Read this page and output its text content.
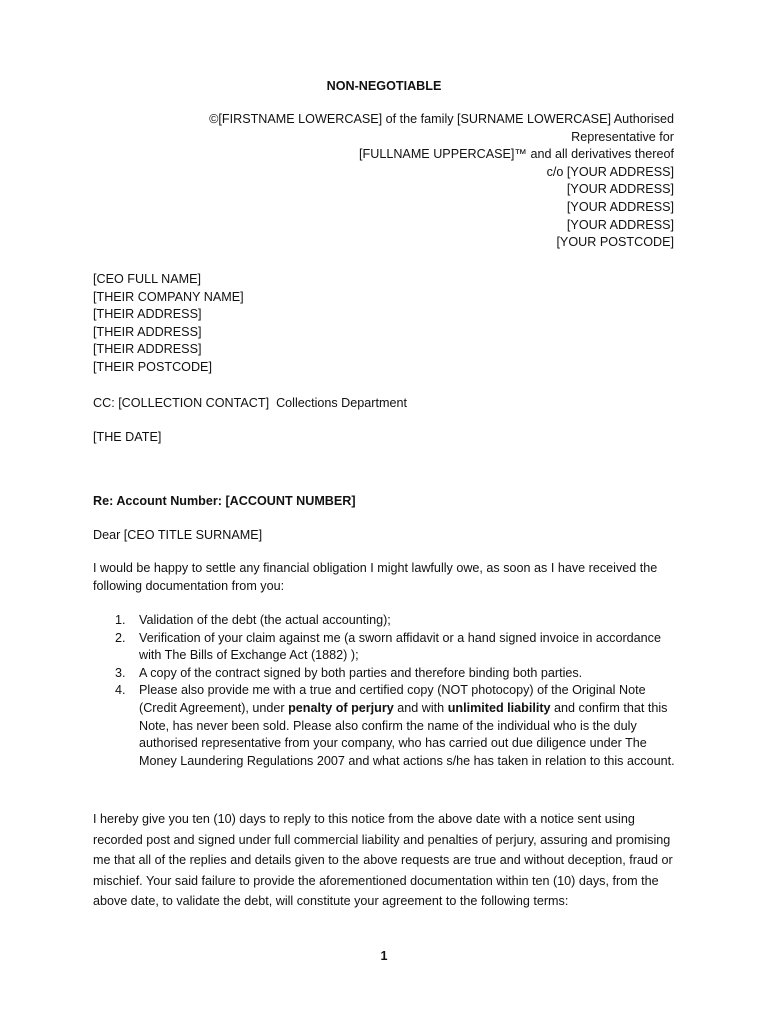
NON-NEGOTIABLE
©[FIRSTNAME LOWERCASE] of the family [SURNAME LOWERCASE] Authorised
Representative for
[FULLNAME UPPERCASE]™ and all derivatives thereof
c/o [YOUR ADDRESS]
[YOUR ADDRESS]
[YOUR ADDRESS]
[YOUR ADDRESS]
[YOUR POSTCODE]
[CEO FULL NAME]
[THEIR COMPANY NAME]
[THEIR ADDRESS]
[THEIR ADDRESS]
[THEIR ADDRESS]
[THEIR POSTCODE]
CC: [COLLECTION CONTACT]  Collections Department
[THE DATE]
Re: Account Number: [ACCOUNT NUMBER]
Dear [CEO TITLE SURNAME]
I would be happy to settle any financial obligation I might lawfully owe, as soon as I have received the following documentation from you:
1. Validation of the debt (the actual accounting);
2. Verification of your claim against me (a sworn affidavit or a hand signed invoice in accordance with The Bills of Exchange Act (1882) );
3. A copy of the contract signed by both parties and therefore binding both parties.
4. Please also provide me with a true and certified copy (NOT photocopy) of the Original Note (Credit Agreement), under penalty of perjury and with unlimited liability and confirm that this Note, has never been sold. Please also confirm the name of the individual who is the duly authorised representative from your company, who has carried out due diligence under The Money Laundering Regulations 2007 and what actions s/he has taken in relation to this account.
I hereby give you ten (10) days to reply to this notice from the above date with a notice sent using recorded post and signed under full commercial liability and penalties of perjury, assuring and promising me that all of the replies and details given to the above requests are true and without deception, fraud or mischief. Your said failure to provide the aforementioned documentation within ten (10) days, from the above date, to validate the debt, will constitute your agreement to the following terms:
1
